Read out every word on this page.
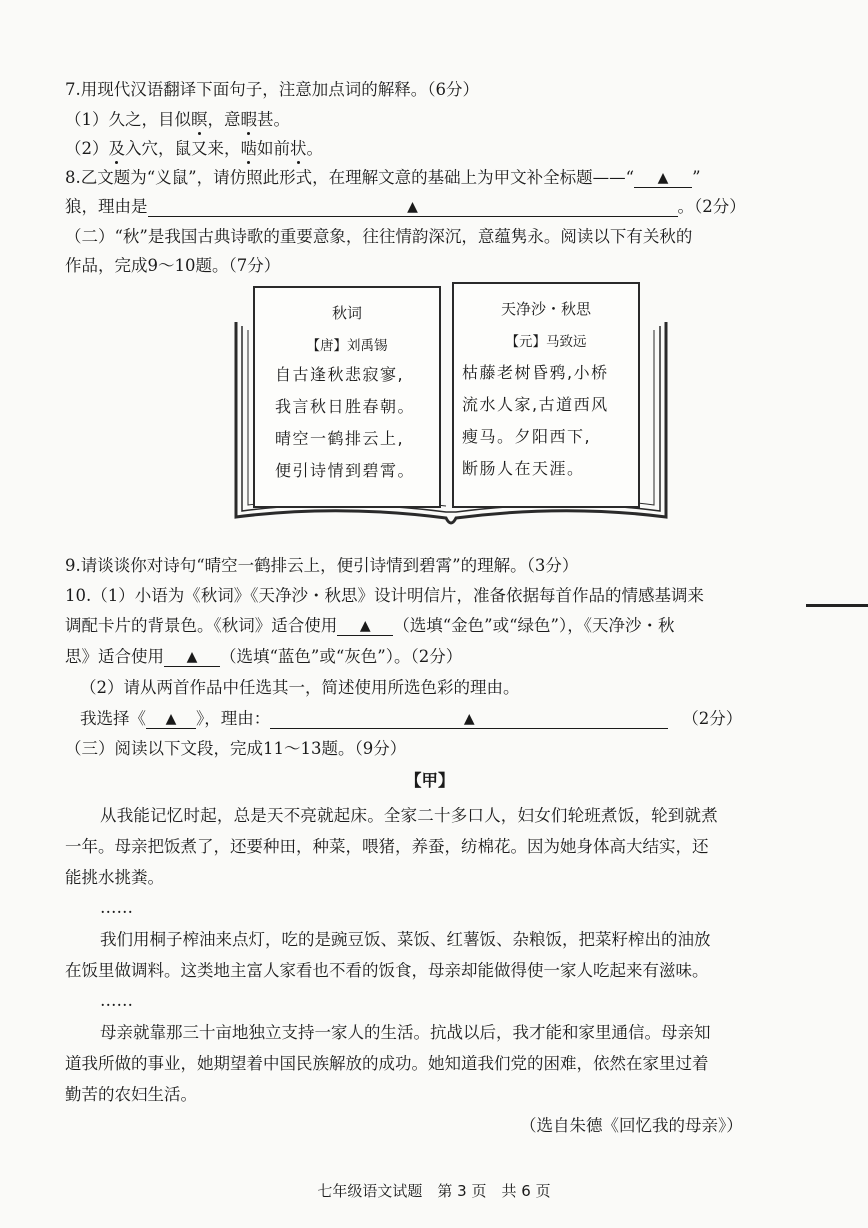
7.用现代汉语翻译下面句子，注意加点词的解释。（6分）
（1）久之，目似瞑，意暇甚。
（2）及入穴，鼠又来，啮如前状。
8.乙文题为“义鼠”，请仿照此形式，在理解文意的基础上为甲文补全标题——“ ▲ ”
狼，理由是	▲	。（2分）
（二）“秋”是我国古典诗歌的重要意象，往往情韵深沉，意蕴隽永。阅读以下有关秋的
作品，完成9～10题。（7分）
秋词
【唐】刘禹锡
自古逢秋悲寂寥,
我言秋日胜春朝。
晴空一鹤排云上,
便引诗情到碧霄。
天净沙・秋思
【元】马致远
枯藤老树昏鸦,小桥
流水人家,古道西风
瘦马。夕阳西下,
断肠人在天涯。
9.请谈谈你对诗句“晴空一鹤排云上，便引诗情到碧霄”的理解。（3分）
10.（1）小语为《秋词》《天净沙・秋思》设计明信片，准备依据每首作品的情感基调来
调配卡片的背景色。《秋词》适合使用 ▲ （选填“金色”或“绿色”），《天净沙・秋
思》适合使用 ▲ （选填“蓝色”或“灰色”）。（2分）
（2）请从两首作品中任选其一，简述使用所选色彩的理由。
我选择《 ▲ 》，理由：	▲	（2分）
（三）阅读以下文段，完成11～13题。（9分）
【甲】
从我能记忆时起，总是天不亮就起床。全家二十多口人，妇女们轮班煮饭，轮到就煮
一年。母亲把饭煮了，还要种田，种菜，喂猪，养蚕，纺棉花。因为她身体高大结实，还
能挑水挑粪。
……
我们用桐子榨油来点灯，吃的是豌豆饭、菜饭、红薯饭、杂粮饭，把菜籽榨出的油放
在饭里做调料。这类地主富人家看也不看的饭食，母亲却能做得使一家人吃起来有滋味。
……
母亲就靠那三十亩地独立支持一家人的生活。抗战以后，我才能和家里通信。母亲知
道我所做的事业，她期望着中国民族解放的成功。她知道我们党的困难，依然在家里过着
勤苦的农妇生活。
（选自朱德《回忆我的母亲》）
七年级语文试题　第 3 页　共 6 页
